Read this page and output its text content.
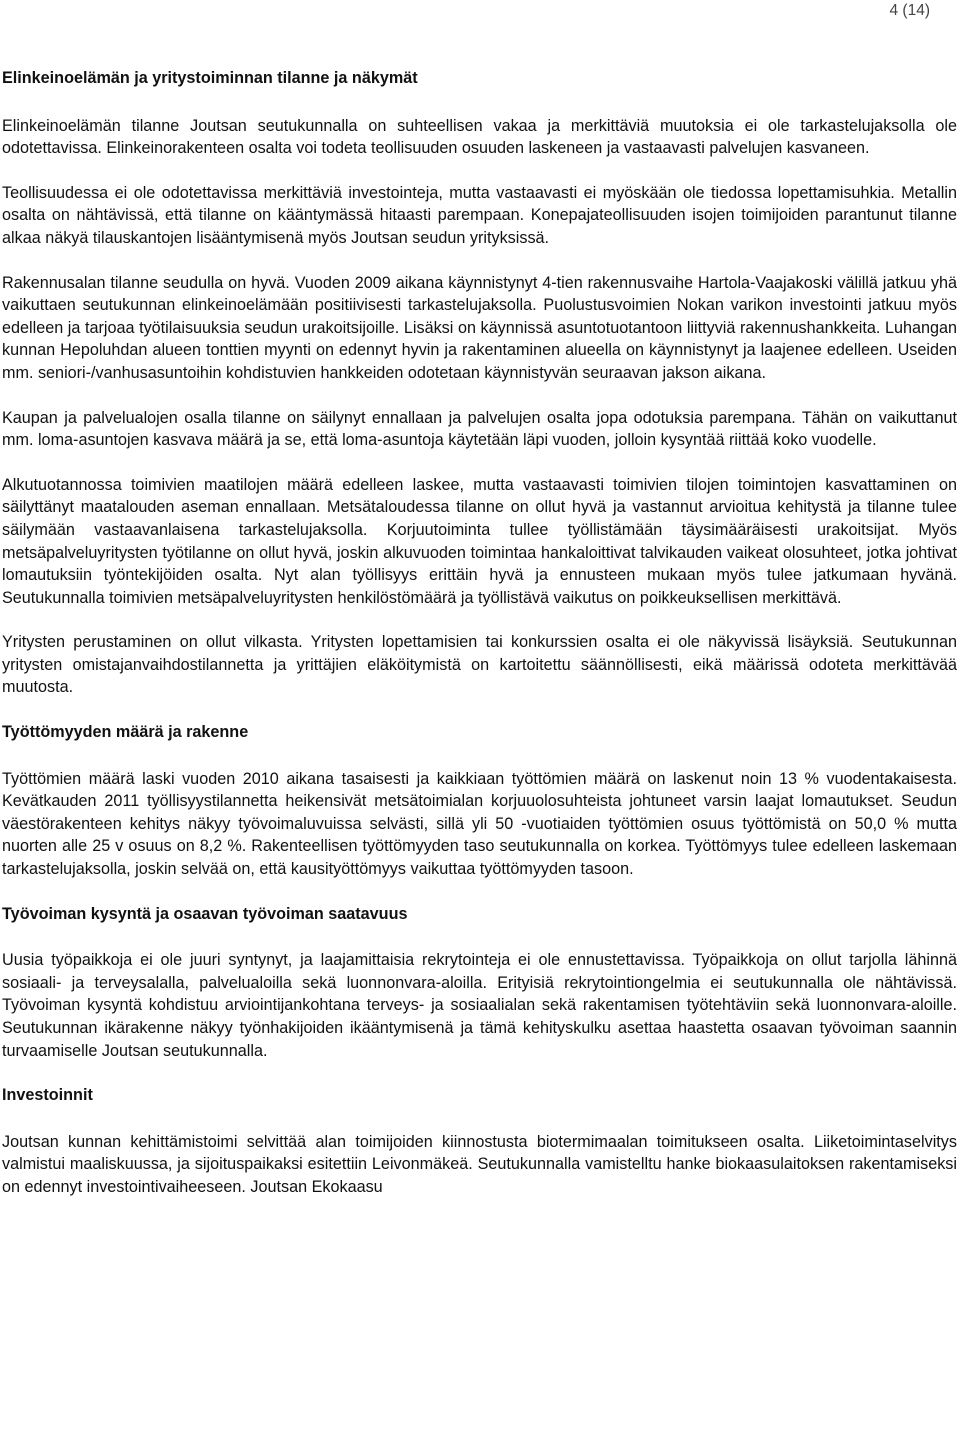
4 (14)
Elinkeinoelämän ja yritystoiminnan tilanne ja näkymät

Elinkeinoelämän tilanne Joutsan seutukunnalla on suhteellisen vakaa ja merkittäviä muutoksia ei ole tarkastelujaksolla ole odotettavissa. Elinkeinorakenteen osalta voi todeta teollisuuden osuuden laskeneen ja vastaavasti palvelujen kasvaneen.

Teollisuudessa ei ole odotettavissa merkittäviä investointeja, mutta vastaavasti ei myöskään ole tiedossa lopettamisuhkia. Metallin osalta on nähtävissä, että tilanne on kääntymässä hitaasti parempaan. Konepajateollisuuden isojen toimijoiden parantunut tilanne alkaa näkyä tilauskantojen lisääntymisenä myös Joutsan seudun yrityksissä.

Rakennusalan tilanne seudulla on hyvä. Vuoden 2009 aikana käynnistynyt 4-tien rakennusvaihe Hartola-Vaajakoski välillä jatkuu yhä vaikuttaen seutukunnan elinkeinoelämään positiivisesti tarkastelujaksolla. Puolustusvoimien Nokan varikon investointi jatkuu myös edelleen ja tarjoaa työtilaisuuksia seudun urakoitsijoille. Lisäksi on käynnissä asuntotuotantoon liittyviä rakennushankkeita. Luhangan kunnan Hepoluhdan alueen tonttien myynti on edennyt hyvin ja rakentaminen alueella on käynnistynyt ja laajenee edelleen. Useiden mm. seniori-/vanhusasuntoihin kohdistuvien hankkeiden odotetaan käynnistyvän seuraavan jakson aikana.

Kaupan ja palvelualojen osalla tilanne on säilynyt ennallaan ja palvelujen osalta jopa odotuksia parempana. Tähän on vaikuttanut mm. loma-asuntojen kasvava määrä ja se, että loma-asuntoja käytetään läpi vuoden, jolloin kysyntää riittää koko vuodelle.

Alkutuotannossa toimivien maatilojen määrä edelleen laskee, mutta vastaavasti toimivien tilojen toimintojen kasvattaminen on säilyttänyt maatalouden aseman ennallaan. Metsätaloudessa tilanne on ollut hyvä ja vastannut arvioitua kehitystä ja tilanne tulee säilymään vastaavanlaisena tarkastelujaksolla. Korjuutoiminta tullee työllistämään täysimääräisesti urakoitsijat. Myös metsäpalveluyritysten työtilanne on ollut hyvä, joskin alkuvuoden toimintaa hankaloittivat talvikauden vaikeat olosuhteet, jotka johtivat lomautuksiin työntekijöiden osalta. Nyt alan työllisyys erittäin hyvä ja ennusteen mukaan myös tulee jatkumaan hyvänä. Seutukunnalla toimivien metsäpalveluyritysten henkilöstömäärä ja työllistävä vaikutus on poikkeuksellisen merkittävä.

Yritysten perustaminen on ollut vilkasta. Yritysten lopettamisien tai konkurssien osalta ei ole näkyvissä lisäyksiä. Seutukunnan yritysten omistajanvaihdostilannetta ja yrittäjien eläköitymistä on kartoitettu säännöllisesti, eikä määrissä odoteta merkittävää muutosta.

Työttömyyden määrä ja rakenne

Työttömien määrä laski vuoden 2010 aikana tasaisesti ja kaikkiaan työttömien määrä on laskenut noin 13 % vuodentakaisesta. Kevätkauden 2011 työllisyystilannetta heikensivät metsätoimialan korjuuolosuhteista johtuneet varsin laajat lomautukset. Seudun väestörakenteen kehitys näkyy työvoimaluvuissa selvästi, sillä yli 50 -vuotiaiden työttömien osuus työttömistä on 50,0 % mutta nuorten alle 25 v osuus on 8,2 %. Rakenteellisen työttömyyden taso seutukunnalla on korkea. Työttömyys tulee edelleen laskemaan tarkastelujaksolla, joskin selvää on, että kausityöttömyys vaikuttaa työttömyyden tasoon.

Työvoiman kysyntä ja osaavan työvoiman saatavuus

Uusia työpaikkoja ei ole juuri syntynyt, ja laajamittaisia rekrytointeja ei ole ennustettavissa. Työpaikkoja on ollut tarjolla lähinnä sosiaali- ja terveysalalla, palvelualoilla sekä luonnonvara-aloilla. Erityisiä rekrytointiongelmia ei seutukunnalla ole nähtävissä. Työvoiman kysyntä kohdistuu arviointijankohtana terveys- ja sosiaalialan sekä rakentamisen työtehtäviin sekä luonnonvara-aloille. Seutukunnan ikärakenne näkyy työnhakijoiden ikääntymisenä ja tämä kehityskulku asettaa haastetta osaavan työvoiman saannin turvaamiselle Joutsan seutukunnalla.

Investoinnit

Joutsan kunnan kehittämistoimi selvittää alan toimijoiden kiinnostusta biotermimaalan toimitukseen osalta. Liiketoimintaselvitys valmistui maaliskuussa, ja sijoituspaikaksi esitettiin Leivonmäkeä. Seutukunnalla vamistelltu hanke biokaasulaitoksen rakentamiseksi on edennyt investointivaiheeseen. Joutsan Ekokaasu
